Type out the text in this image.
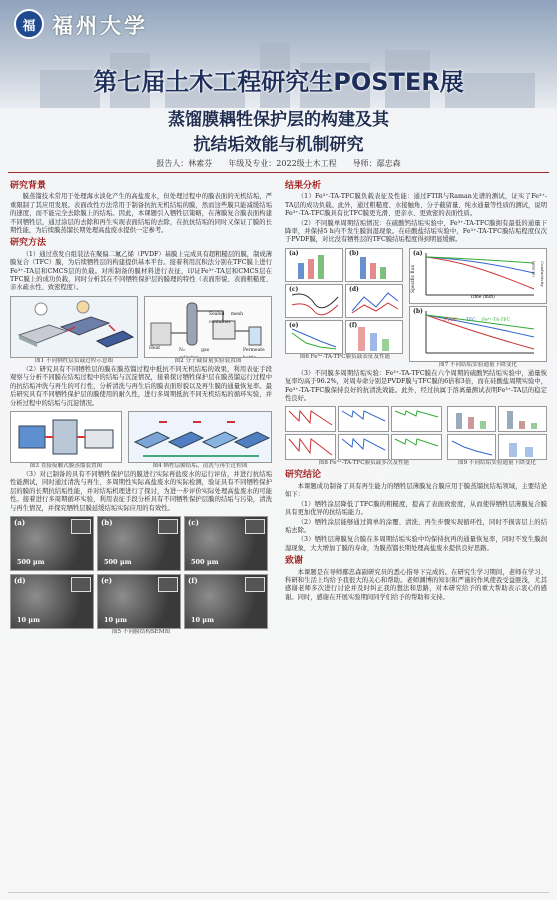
福 福州大学
第七届土木工程研究生POSTER展
蒸馏膜耦牲保护层的构建及其
抗结垢效能与机制研究
报告人：林素芬　　年级及专业：2022级土木工程　　导师：鄢忠森
研究背景
膜蒸馏技术常用于处理海水淡化产生的高盐废水，但处理过程中的膜表面的无机结垢，严重限制了其应用发展。表面改性方法常用于制备抗抗无机结垢的膜，然而这些膜只能减缓结垢的速度，而不能完全去除膜上的结垢。因此，本课题引入牺牲层策略，在薄膜复合膜表面构建不同牺牲层，通过涂层的去除和再生实现表面结垢的去除，在抗抗结垢的同时又保证了膜的长期性能，为后续膜蒸馏长期处理高盐废水提供一定参考。
研究方法
（1）通过蒸发自组装法在聚偏二氟乙烯（PVDF）基膜上完成具有超粗糙层的膜，制成薄膜复合（TFC）膜，为后续牺牲层的构建提供基本平台。接着利用沉积法分别在TFC膜上进行Fe³⁺-TA层和CMCS层的负载。对所制备的膜材料进行表征，印证Fe³⁺-TA层和CMCS层在TFC膜上的成功负载，同时分析其在不同牺牲保护层的膜理的特性（表面形貌、表面粗糙度、亲水疏水性、致密程度）。
图1 不同牺牲层负载过程示意图
Heat	N₂ gas
Sealed mesh container
Permeate
图2 分子截留量实验装置图
（2）研究具有不同牺牲层的膜在膜蒸馏过程中抵抗不同无机结垢的效果，利用表征手段观察与分析不同膜在结垢过程中的结垢与沉淀情况，接着探讨牺牲保护层在膜蒸馏运行过程中的抗结垢冲洗与再生的可行性，分析清洗与再生后的膜表面形貌以及再生膜的通量恢复率。最后研究具有不同牺牲保护层的膜使用的耐久性，进行多周期抵抗不同无机结垢的循环实验，并分析过程中的结垢与沉淀情况。
图3 直接接触式膜蒸馏装置图	图4 牺牲层膜结垢、清洗与再生过程图
（3）对已制备的具有不同牺牲保护层的膜进行实际再盐废水的运行评估，并进行抗结垢性能测试，同时通过清洗与再生、多周期性实际高盐废水的实际检测，验证具有不同牺牲保护层的膜的长期抗结垢性能，并对结垢机理进行了探讨，为进一步评价实际处理高盐废水的可能性。接着进行多周期循环实验，利用表征手段分析具有不同牺牲保护层膜的结垢与污染，清洗与再生情况，并探究牺牲层膜延缓结垢实际应用的有效性。
(a)
500 μm
(b)
500 μm
(c)
500 μm
(d)
10 μm
(e)
10 μm
(f)
10 μm
图5 不同膜结构SEM图
结果分析
（1）Fe³⁺-TA-TFC膜负载表征及性能：通过FTIR与Raman光谱的测试，证实了Fe³⁺-TA层的成功负载。此外，通过粗糙度、水接触角、分子截留量、纯水通量等性质的测试，说明Fe³⁺-TA-TFC膜具有比TFC膜更光滑、更亲水、更致密的表面性质。
（2）不同膜单周期结垢情况：在硫酸钙结垢实验中，Fe³⁺-TA-TFC膜拥有最低的通量下降率，并保持5 h内不发生膜润湿现象。在硅酸盐结垢实验中，Fe³⁺-TA-TFC膜结垢程度仅次于PVDF膜，对比没有牺牲层的TFC膜结垢程度得到明显缓解。
(a)	(b)
(c)	(d)
(e)	(f)
图6 Fe³⁺-TA-TFC膜负载表征及性能
(a)
Specific flux
Time (min)
Conductivity (μS/cm)
(b)
PVDF TFC Fe³⁺-TA-TFC
图7 不同结垢实验通量下降变化
（3）不同膜多周期结垢实验：Fe³⁺-TA-TFC膜在六个周期的硫酸钙结垢实验中，通量恢复率均高于96.2%，对周寿命分别是PVDF膜与TFC膜的6倍和3倍，而在硅酸盐周期实验中，Fe³⁺-TA-TFC膜保持良好的抗清洗效能。此外，经过执属于溶离量测试表明Fe³⁺-TA层的稳定性良好。
图8 Fe³⁺-TA-TFC膜负载多次及性能	图9 不同结垢实验通量下降变化
研究结论
本课题成功制备了具有再生能力的牺牲层薄膜复合膜应用于膜蒸馏抗结垢领域，主要结论如下：
（1）牺牲涂层降低了TFC膜的粗糙度，提高了表面致密度，从而使得牺牲层薄膜复合膜具有更加优异的抗结垢能力。
（2）牺牲涂层能够通过简单的涂覆、清洗、再生步骤实现循环性，同时不损害层上的结垢去除。
（3）牺牲层薄膜复合膜在多周期结垢实验中均保持抗再的通量恢复率，同时不发生膜润湿现象，大大增加了膜的寿命，为膜蒸馏长期处理高盐废水提供良好思路。
致谢
本课题是在导师鄢忠森副研究员的悉心指导下完成的。在研究生学习期间，老师在学习、科研和生活上均给予我很大的关心和帮助。老师渊博的知识和严谨的作风使我受益匪浅，尤其感谢老师多次进行讨论并及时纠正我的想法和思路，对本研究给予的重大帮助表示衷心的感谢。同时，感谢在开展实验期间同学们给予的帮助和支持。
